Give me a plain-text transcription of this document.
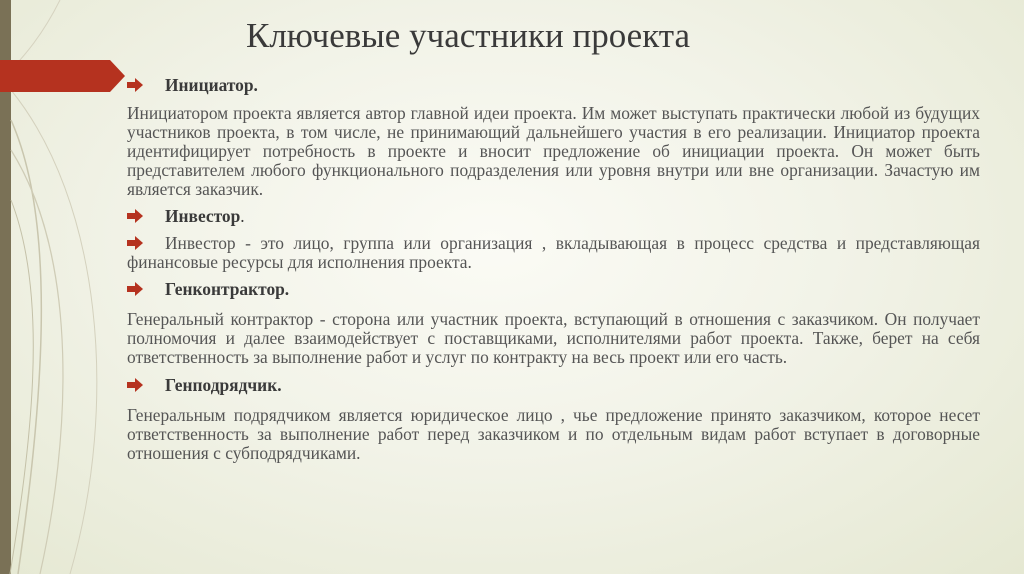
Ключевые участники проекта
Инициатор.

Инициатором проекта является автор главной идеи проекта. Им может выступать практически любой из будущих участников проекта, в том числе, не принимающий дальнейшего участия в его реализации. Инициатор проекта идентифицирует потребность в проекте и вносит предложение об инициации проекта. Он может быть представителем любого функционального подразделения или уровня внутри или вне организации. Зачастую им является заказчик.

Инвестор.

Инвестор - это лицо, группа или организация , вкладывающая в процесс средства и представляющая финансовые ресурсы для исполнения проекта.

Генконтрактор.

Генеральный контрактор - сторона или участник проекта, вступающий в отношения с заказчиком. Он получает полномочия и далее взаимодействует с поставщиками, исполнителями работ проекта. Также, берет на себя ответственность за выполнение работ и услуг по контракту на весь проект или его часть.

Генподрядчик.

Генеральным подрядчиком является юридическое лицо , чье предложение принято заказчиком, которое несет ответственность за выполнение работ перед заказчиком и по отдельным видам работ вступает в договорные отношения с субподрядчиками.
